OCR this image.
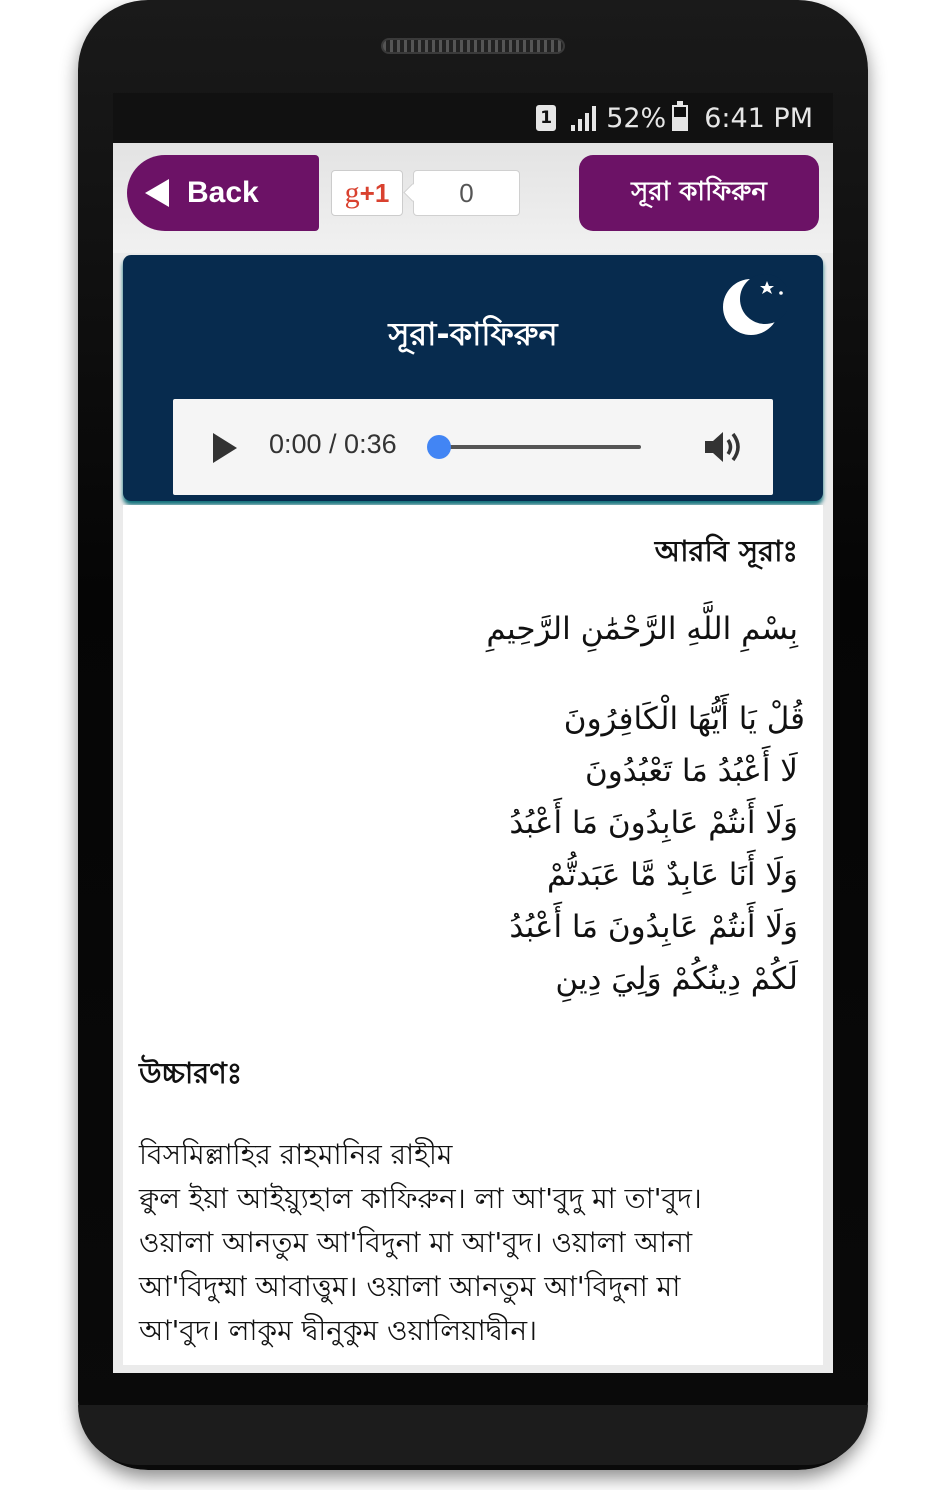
1 52% 6:41 PM
Back	g +1	0	সূরা কাফিরুন
সূরা-কাফিরুন
0:00 / 0:36
আরবি সূরাঃ
بِسْمِ اللَّهِ الرَّحْمَٰنِ الرَّحِيمِ
قُلْ يَا أَيُّهَا الْكَافِرُونَ
لَا أَعْبُدُ مَا تَعْبُدُونَ
وَلَا أَنتُمْ عَابِدُونَ مَا أَعْبُدُ
وَلَا أَنَا عَابِدٌ مَّا عَبَدتُّمْ
وَلَا أَنتُمْ عَابِدُونَ مَا أَعْبُدُ
لَكُمْ دِينُكُمْ وَلِيَ دِينِ
উচ্চারণঃ
বিসমিল্লাহির রাহমানির রাহীম
ক্বুল ইয়া আইয়্যুহাল কাফিরুন। লা আ'বুদু মা তা'বুদ।
ওয়ালা আনতুম আ'বিদুনা মা আ'বুদ। ওয়ালা আনা
আ'বিদুম্মা আবাত্তুম। ওয়ালা আনতুম আ'বিদুনা মা
আ'বুদ। লাকুম দ্বীনুকুম ওয়ালিয়াদ্বীন।
